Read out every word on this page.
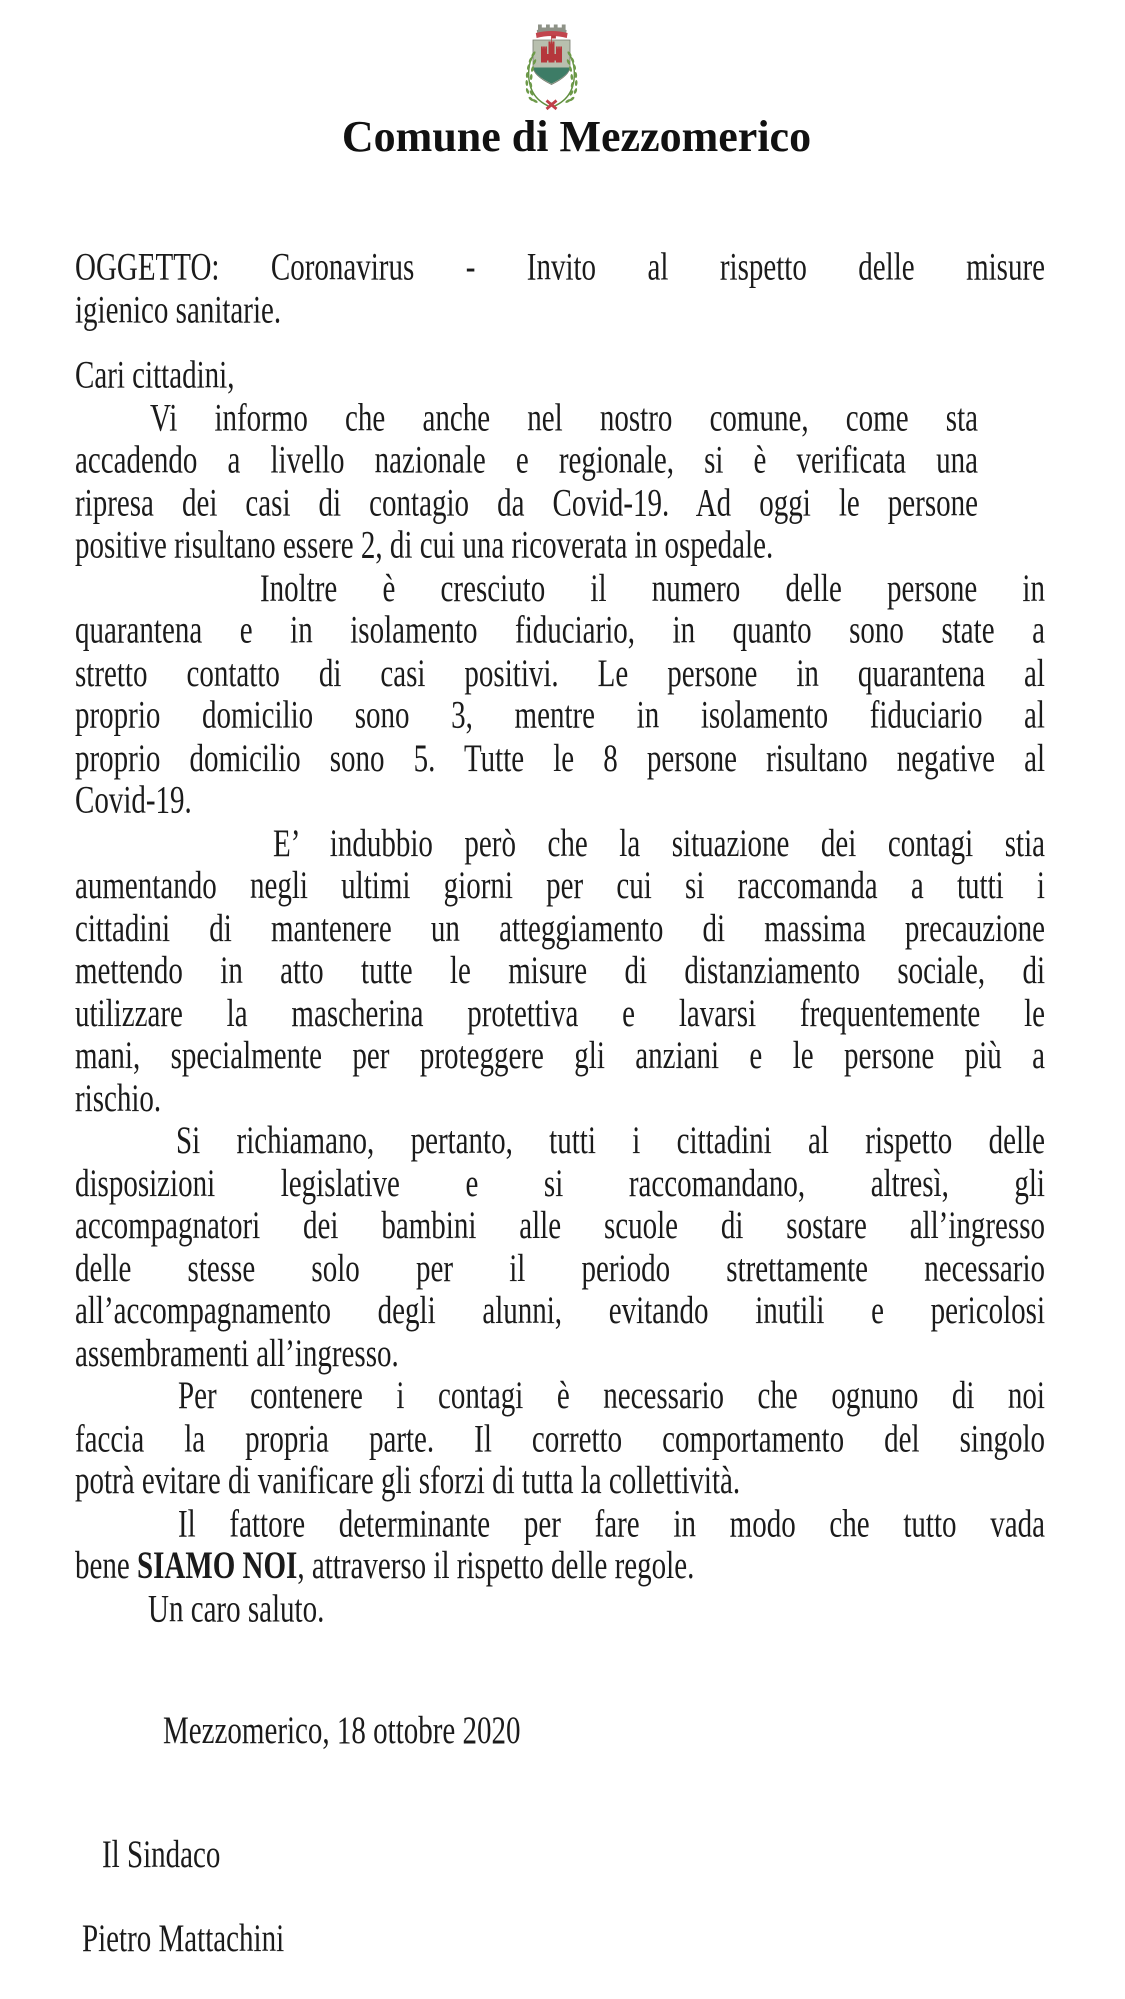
Comune di Mezzomerico
OGGETTO: Coronavirus - Invito al rispetto delle misure
igienico sanitarie.
Cari cittadini,
Vi informo che anche nel nostro comune, come sta
accadendo a livello nazionale e regionale, si è verificata una
ripresa dei casi di contagio da Covid-19. Ad oggi le persone
positive risultano essere 2, di cui una ricoverata in ospedale.
Inoltre è cresciuto il numero delle persone in
quarantena e in isolamento fiduciario, in quanto sono state a
stretto contatto di casi positivi. Le persone in quarantena al
proprio domicilio sono 3, mentre in isolamento fiduciario al
proprio domicilio sono 5. Tutte le 8 persone risultano negative al
Covid-19.
E’ indubbio però che la situazione dei contagi stia
aumentando negli ultimi giorni per cui si raccomanda a tutti i
cittadini di mantenere un atteggiamento di massima precauzione
mettendo in atto tutte le misure di distanziamento sociale, di
utilizzare la mascherina protettiva e lavarsi frequentemente le
mani, specialmente per proteggere gli anziani e le persone più a
rischio.
Si richiamano, pertanto, tutti i cittadini al rispetto delle
disposizioni legislative e si raccomandano, altresì, gli
accompagnatori dei bambini alle scuole di sostare all’ingresso
delle stesse solo per il periodo strettamente necessario
all’accompagnamento degli alunni, evitando inutili e pericolosi
assembramenti all’ingresso.
Per contenere i contagi è necessario che ognuno di noi
faccia la propria parte. Il corretto comportamento del singolo
potrà evitare di vanificare gli sforzi di tutta la collettività.
Il fattore determinante per fare in modo che tutto vada
bene SIAMO NOI, attraverso il rispetto delle regole.
Un caro saluto.
Mezzomerico, 18 ottobre 2020
Il Sindaco
Pietro Mattachini
